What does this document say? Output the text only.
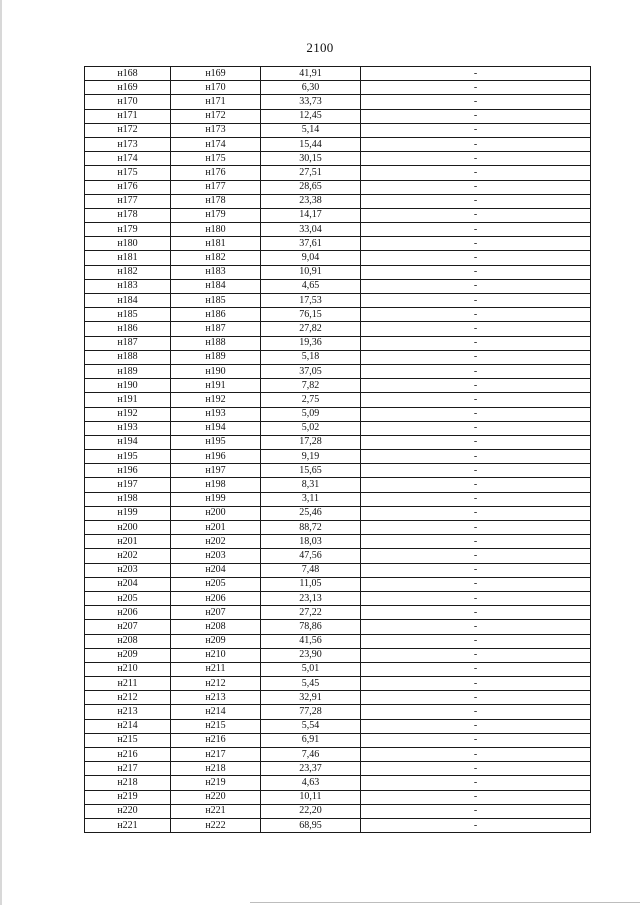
2100
н168	н169	41,91	-
н169	н170	6,30	-
н170	н171	33,73	-
н171	н172	12,45	-
н172	н173	5,14	-
н173	н174	15,44	-
н174	н175	30,15	-
н175	н176	27,51	-
н176	н177	28,65	-
н177	н178	23,38	-
н178	н179	14,17	-
н179	н180	33,04	-
н180	н181	37,61	-
н181	н182	9,04	-
н182	н183	10,91	-
н183	н184	4,65	-
н184	н185	17,53	-
н185	н186	76,15	-
н186	н187	27,82	-
н187	н188	19,36	-
н188	н189	5,18	-
н189	н190	37,05	-
н190	н191	7,82	-
н191	н192	2,75	-
н192	н193	5,09	-
н193	н194	5,02	-
н194	н195	17,28	-
н195	н196	9,19	-
н196	н197	15,65	-
н197	н198	8,31	-
н198	н199	3,11	-
н199	н200	25,46	-
н200	н201	88,72	-
н201	н202	18,03	-
н202	н203	47,56	-
н203	н204	7,48	-
н204	н205	11,05	-
н205	н206	23,13	-
н206	н207	27,22	-
н207	н208	78,86	-
н208	н209	41,56	-
н209	н210	23,90	-
н210	н211	5,01	-
н211	н212	5,45	-
н212	н213	32,91	-
н213	н214	77,28	-
н214	н215	5,54	-
н215	н216	6,91	-
н216	н217	7,46	-
н217	н218	23,37	-
н218	н219	4,63	-
н219	н220	10,11	-
н220	н221	22,20	-
н221	н222	68,95	-
